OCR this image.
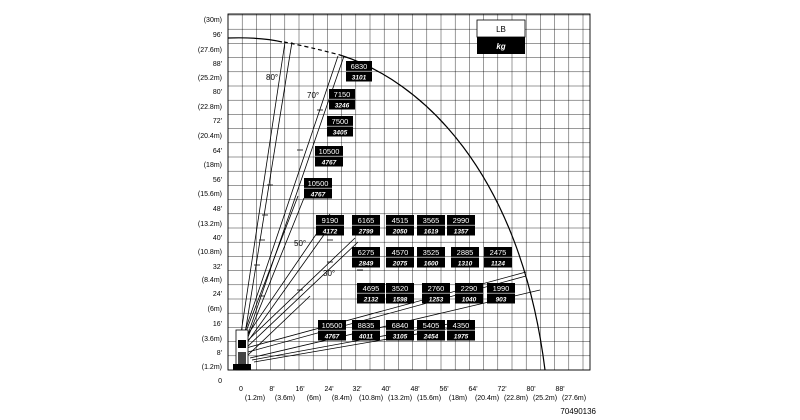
0
(1.2m)
8'
(3.6m)
16'
(6m)
24'
(8.4m)
32'
(10.8m)
40'
(13.2m)
48'
(15.6m)
56'
(18m)
64'
(20.4m)
72'
(22.8m)
80'
(25.2m)
88'
(27.6m)
96'
(30m)
0	8'	16'	24'	32'	40'	48'	56'	64'	72'	80'	88'
(1.2m) (3.6m) (6m) (8.4m) (10.8m) (13.2m) (15.6m) (18m) (20.4m) (22.8m) (25.2m) (27.6m)
80°
70°
50°
30°
6830
3101
7150
3246
7500
3405
10500
4767
10500
4767
9190
4172
6165
2799
4515
2050
3565
1619
2990
1357
6275
2849
4570
2075
3525
1600
2885
1310
2475
1124
4695
2132
3520
1598
2760
1253
2290
1040
1990
903
10500
4767
8835
4011
6840
3105
5405
2454
4350
1975
LB
kg
70490136
